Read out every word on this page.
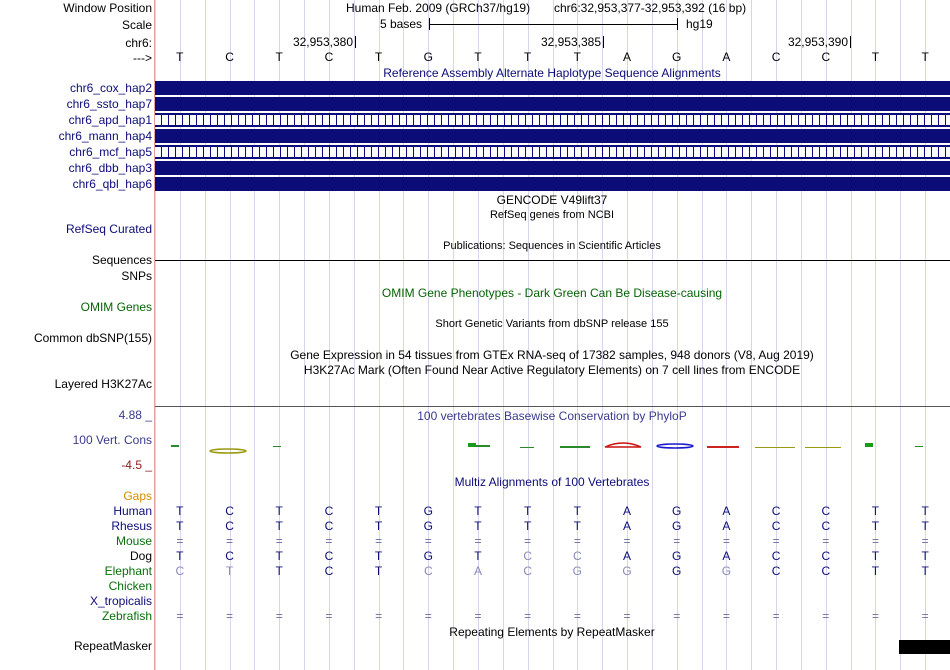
Window Position	Human Feb. 2009 (GRCh37/hg19) chr6:32,953,377-32,953,392 (16 bp)
Scale	5 bases	hg19
chr6:	32,953,380	32,953,385	32,953,390
---> T	C	T	C	T	G	T	T	T	A	G	A	C	C	T	T
Reference Assembly Alternate Haplotype Sequence Alignments
chr6_cox_hap2
chr6_ssto_hap7
chr6_apd_hap1
chr6_mann_hap4
chr6_mcf_hap5
chr6_dbb_hap3
chr6_qbl_hap6
GENCODE V49lift37
RefSeq genes from NCBI
RefSeq Curated
Publications: Sequences in Scientific Articles
Sequences
SNPs
OMIM Gene Phenotypes - Dark Green Can Be Disease-causing
OMIM Genes
Short Genetic Variants from dbSNP release 155
Common dbSNP(155)
Gene Expression in 54 tissues from GTEx RNA-seq of 17382 samples, 948 donors (V8, Aug 2019)
H3K27Ac Mark (Often Found Near Active Regulatory Elements) on 7 cell lines from ENCODE
Layered H3K27Ac
4.88 _	100 vertebrates Basewise Conservation by PhyloP
100 Vert. Cons
-4.5 _
Multiz Alignments of 100 Vertebrates
Gaps
Human T	C	T	C	T	G	T	T	T	A	G	A	C	C	T	T
Rhesus T	C	T	C	T	G	T	T	T	A	G	A	C	C	T	T
Mouse =	=	=	=	=	=	=	=	=	=	=	=	=	=	=	=
Dog T	C	T	C	T	G	T	C	C	A	G	A	C	C	T	T
Elephant C	T	T	C	T	C	A	C	G	G	G	G	C	C	T	T
Chicken
X_tropicalis
Zebrafish =	=	=	=	=	=	=	=	=	=	=	=	=	=	=	=
Repeating Elements by RepeatMasker
RepeatMasker
